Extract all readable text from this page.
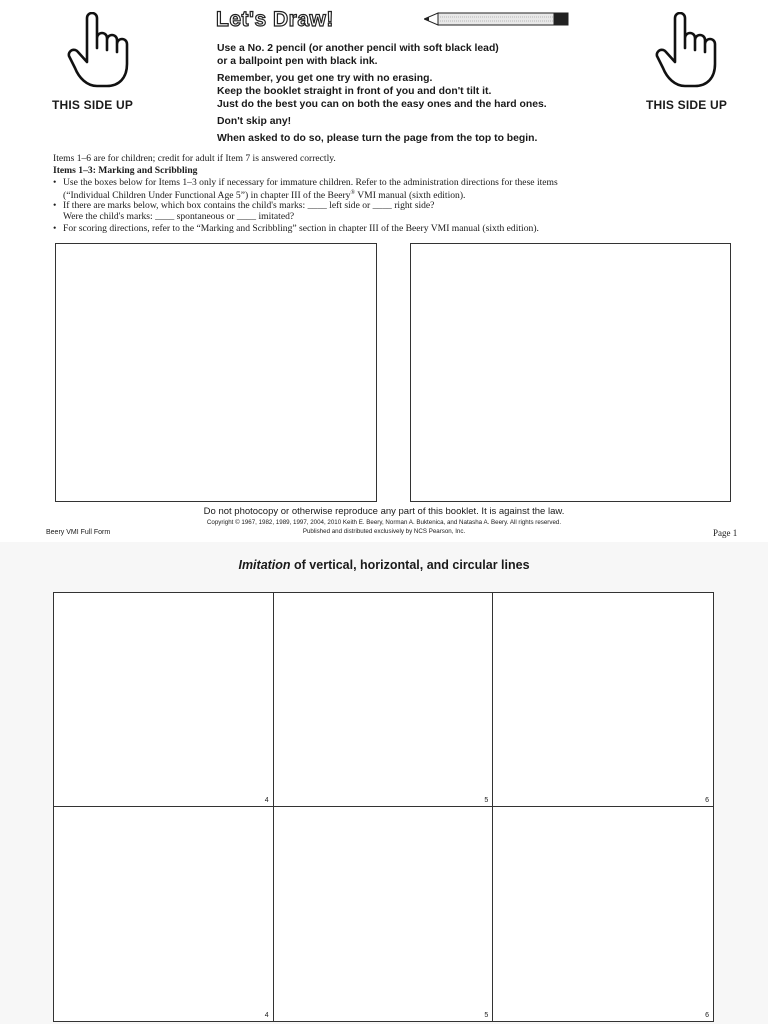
THIS SIDE UP	THIS SIDE UP
Let's Draw!
Use a No. 2 pencil (or another pencil with soft black lead)
or a ballpoint pen with black ink.
Remember, you get one try with no erasing.
Keep the booklet straight in front of you and don't tilt it.
Just do the best you can on both the easy ones and the hard ones.
Don't skip any!
When asked to do so, please turn the page from the top to begin.
Items 1–6 are for children; credit for adult if Item 7 is answered correctly.
Items 1–3: Marking and Scribbling
• Use the boxes below for Items 1–3 only if necessary for immature children. Refer to the administration directions for these items
(“Individual Children Under Functional Age 5”) in chapter III of the Beery® VMI manual (sixth edition).
• If there are marks below, which box contains the child's marks: ____ left side or ____ right side?
Were the child's marks: ____ spontaneous or ____ imitated?
• For scoring directions, refer to the “Marking and Scribbling” section in chapter III of the Beery VMI manual (sixth edition).
Do not photocopy or otherwise reproduce any part of this booklet. It is against the law.
Copyright © 1967, 1982, 1989, 1997, 2004, 2010 Keith E. Beery, Norman A. Buktenica, and Natasha A. Beery. All rights reserved.
Published and distributed exclusively by NCS Pearson, Inc.
Beery VMI Full Form	Page 1
Imitation of vertical, horizontal, and circular lines
4	5	6
4	5	6
